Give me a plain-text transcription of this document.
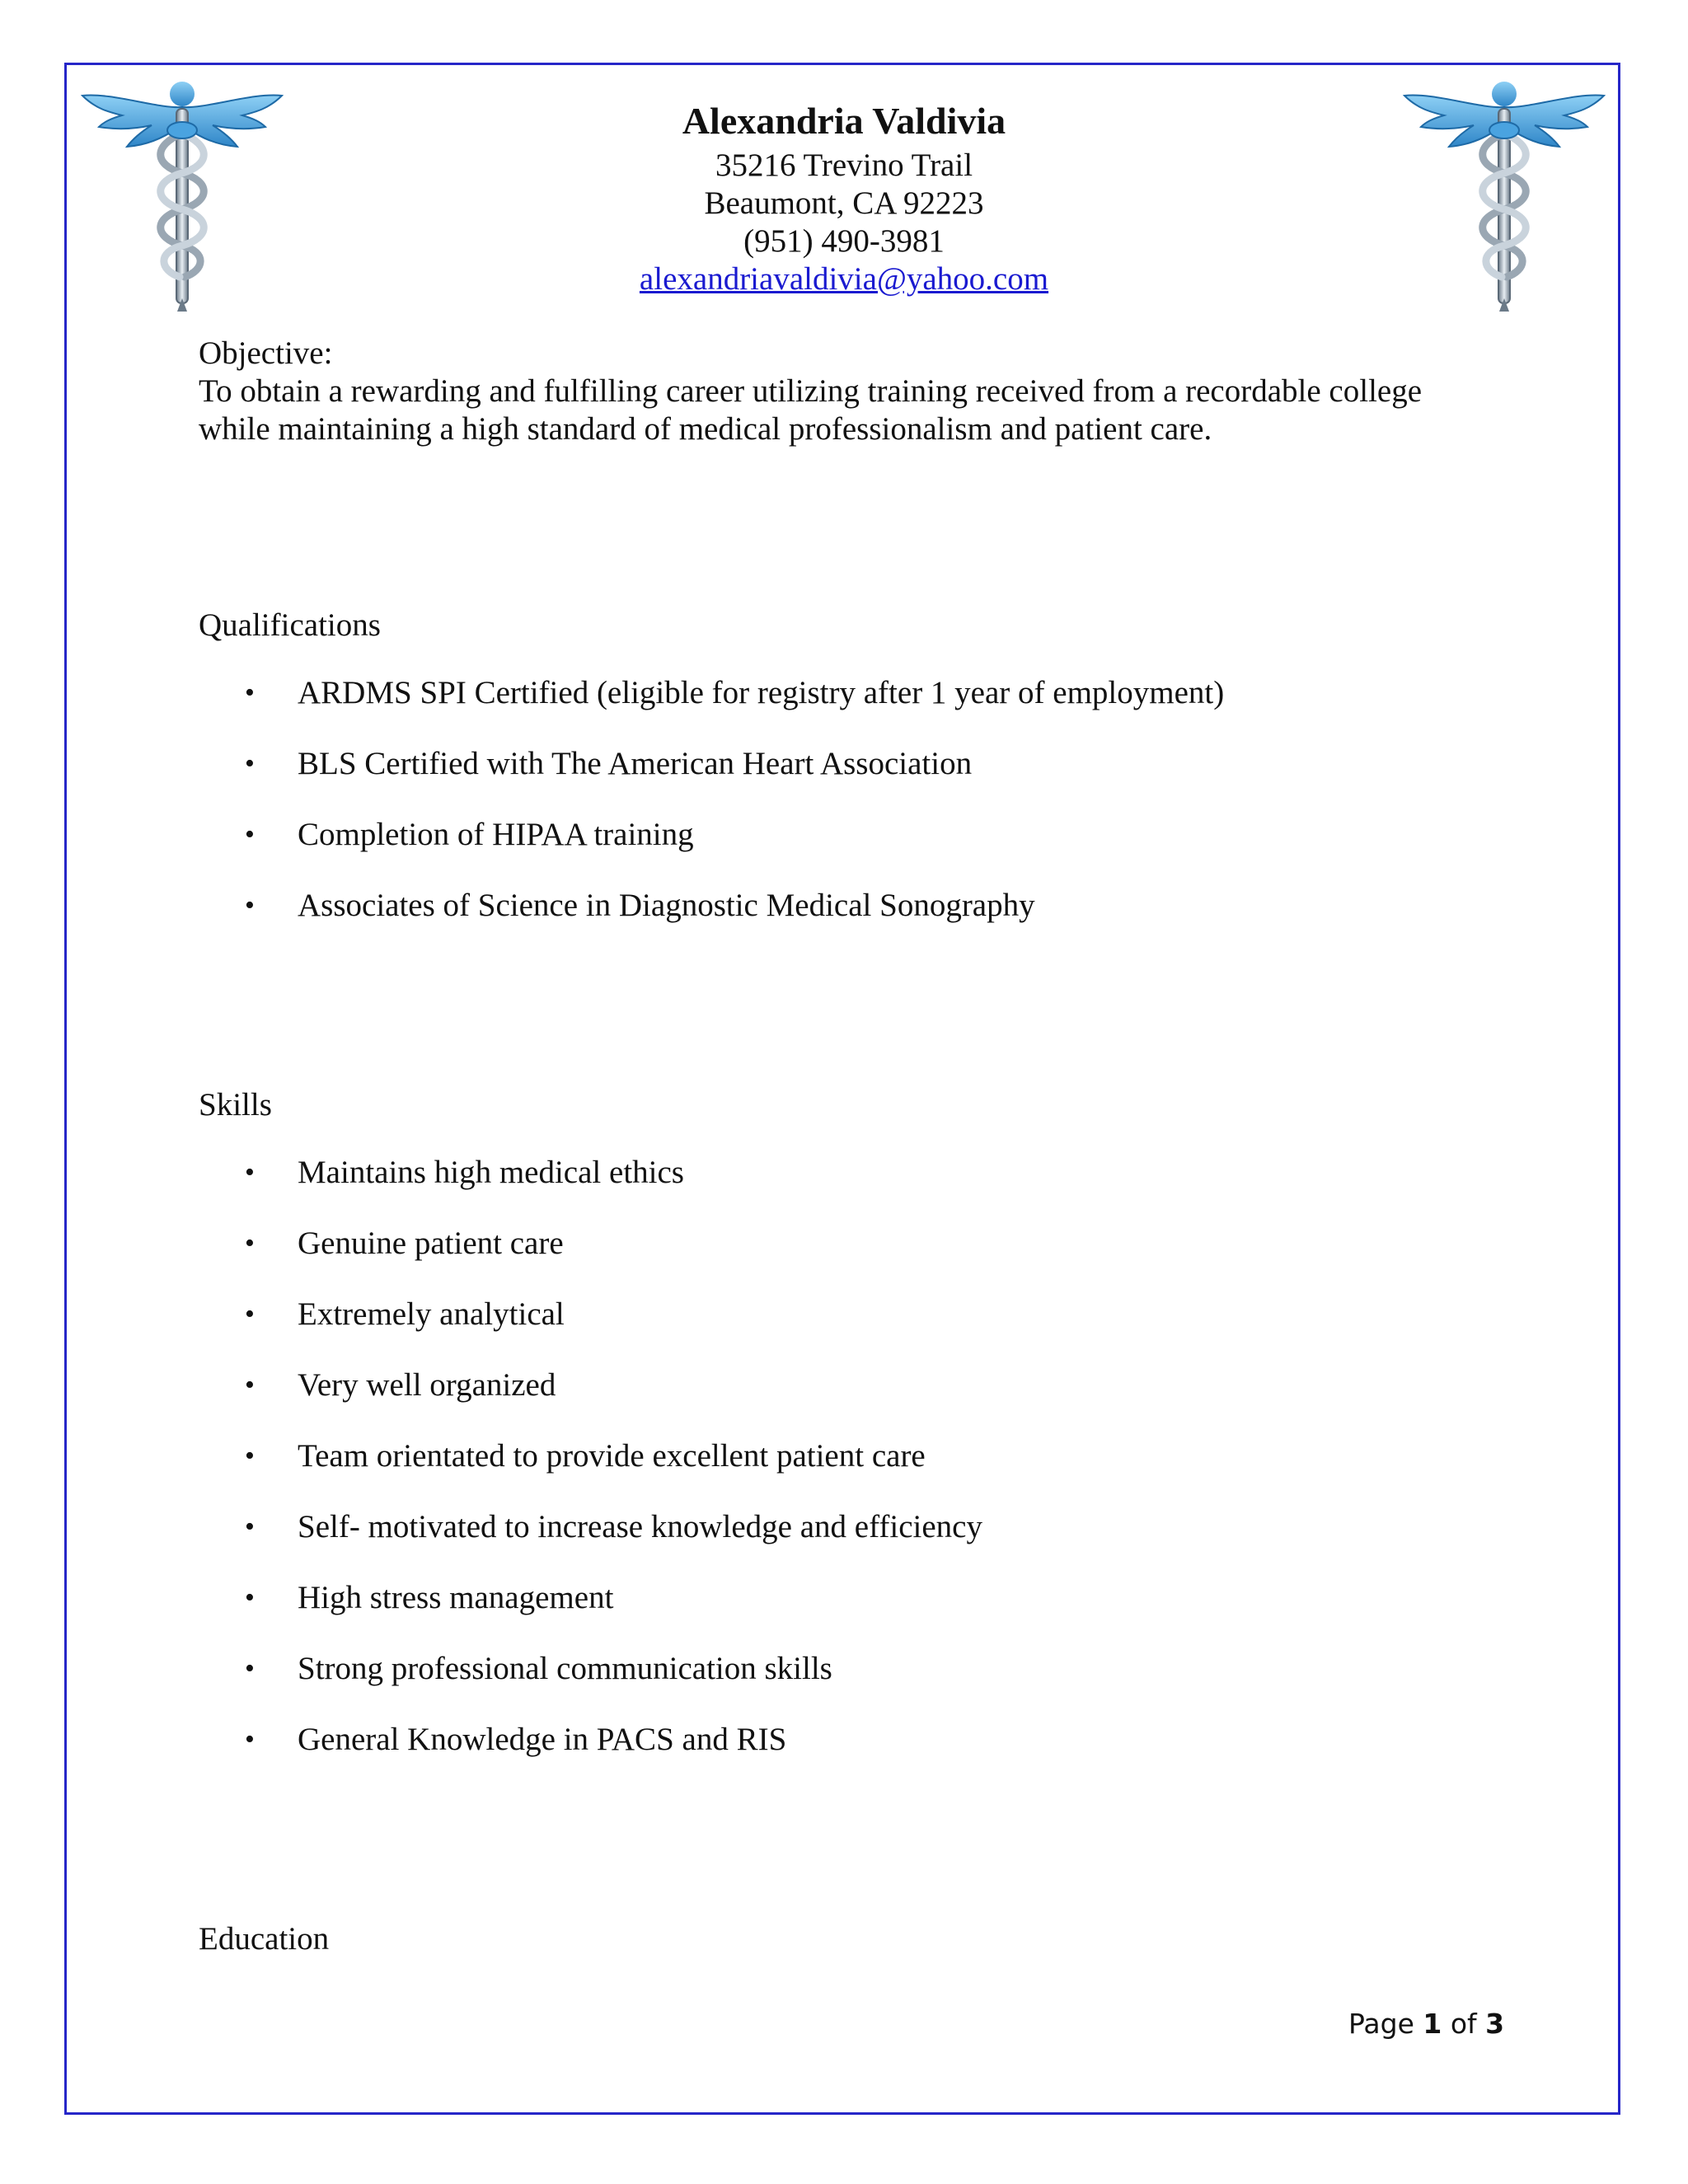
Alexandria Valdivia
35216 Trevino Trail
Beaumont, CA 92223
(951) 490-3981
alexandriavaldivia@yahoo.com
Objective:
To obtain a rewarding and fulfilling career utilizing training received from a recordable college while maintaining a high standard of medical professionalism and patient care.
Qualifications
• ARDMS SPI Certified (eligible for registry after 1 year of employment)
• BLS Certified with The American Heart Association
• Completion of HIPAA training
• Associates of Science in Diagnostic Medical Sonography
Skills
• Maintains high medical ethics
• Genuine patient care
• Extremely analytical
• Very well organized
• Team orientated to provide excellent patient care
• Self- motivated to increase knowledge and efficiency
• High stress management
• Strong professional communication skills
• General Knowledge in PACS and RIS
Education
Page 1 of 3
